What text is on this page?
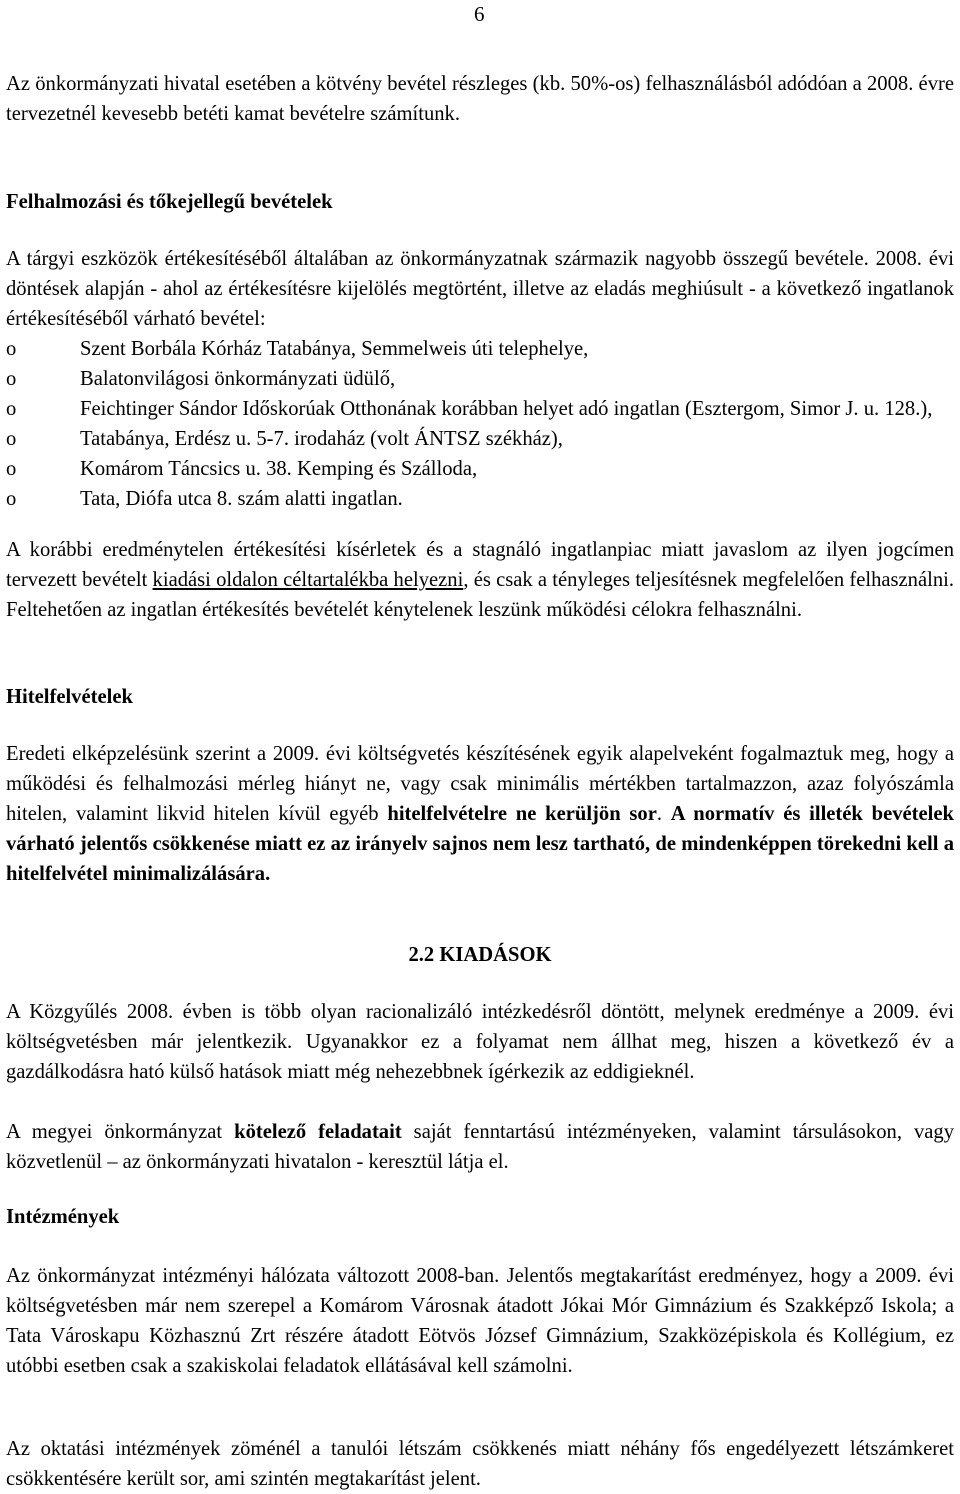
6

Az önkormányzati hivatal esetében a kötvény bevétel részleges (kb. 50%-os) felhasználásból adódóan a 2008. évre tervezetnél kevesebb betéti kamat bevételre számítunk.

Felhalmozási és tőkejellegű bevételek

A tárgyi eszközök értékesítéséből általában az önkormányzatnak származik nagyobb összegű bevétele. 2008. évi döntések alapján - ahol az értékesítésre kijelölés megtörtént, illetve az eladás meghiúsult - a következő ingatlanok értékesítéséből várható bevétel:

o	Szent Borbála Kórház Tatabánya, Semmelweis úti telephelye,
o	Balatonvilágosi önkormányzati üdülő,
o	Feichtinger Sándor Időskorúak Otthonának korábban helyet adó ingatlan (Esztergom, Simor J. u. 128.),
o	Tatabánya, Erdész u. 5-7. irodaház (volt ÁNTSZ székház),
o	Komárom Táncsics u. 38. Kemping és Szálloda,
o	Tata, Diófa utca 8. szám alatti ingatlan.

A korábbi eredménytelen értékesítési kísérletek és a stagnáló ingatlanpiac miatt javaslom az ilyen jogcímen tervezett bevételt kiadási oldalon céltartalékba helyezni, és csak a tényleges teljesítésnek megfelelően felhasználni. Feltehetően az ingatlan értékesítés bevételét kénytelenek leszünk működési célokra felhasználni.

Hitelfelvételek

Eredeti elképzelésünk szerint a 2009. évi költségvetés készítésének egyik alapelveként fogalmaztuk meg, hogy a működési és felhalmozási mérleg hiányt ne, vagy csak minimális mértékben tartalmazzon, azaz folyószámla hitelen, valamint likvid hitelen kívül egyéb hitelfelvételre ne kerüljön sor. A normatív és illeték bevételek várható jelentős csökkenése miatt ez az irányelv sajnos nem lesz tartható, de mindenképpen törekedni kell a hitelfelvétel minimalizálására.

2.2 KIADÁSOK

A Közgyűlés 2008. évben is több olyan racionalizáló intézkedésről döntött, melynek eredménye a 2009. évi költségvetésben már jelentkezik. Ugyanakkor ez a folyamat nem állhat meg, hiszen a következő év a gazdálkodásra ható külső hatások miatt még nehezebbnek ígérkezik az eddigieknél.

A megyei önkormányzat kötelező feladatait saját fenntartású intézményeken, valamint társulásokon, vagy közvetlenül – az önkormányzati hivatalon - keresztül látja el.

Intézmények

Az önkormányzat intézményi hálózata változott 2008-ban. Jelentős megtakarítást eredményez, hogy a 2009. évi költségvetésben már nem szerepel a Komárom Városnak átadott Jókai Mór Gimnázium és Szakképző Iskola; a Tata Városkapu Közhasznú Zrt részére átadott Eötvös József Gimnázium, Szakközépiskola és Kollégium, ez utóbbi esetben csak a szakiskolai feladatok ellátásával kell számolni.

Az oktatási intézmények zöménél a tanulói létszám csökkenés miatt néhány fős engedélyezett létszámkeret csökkentésére került sor, ami szintén megtakarítást jelent.
